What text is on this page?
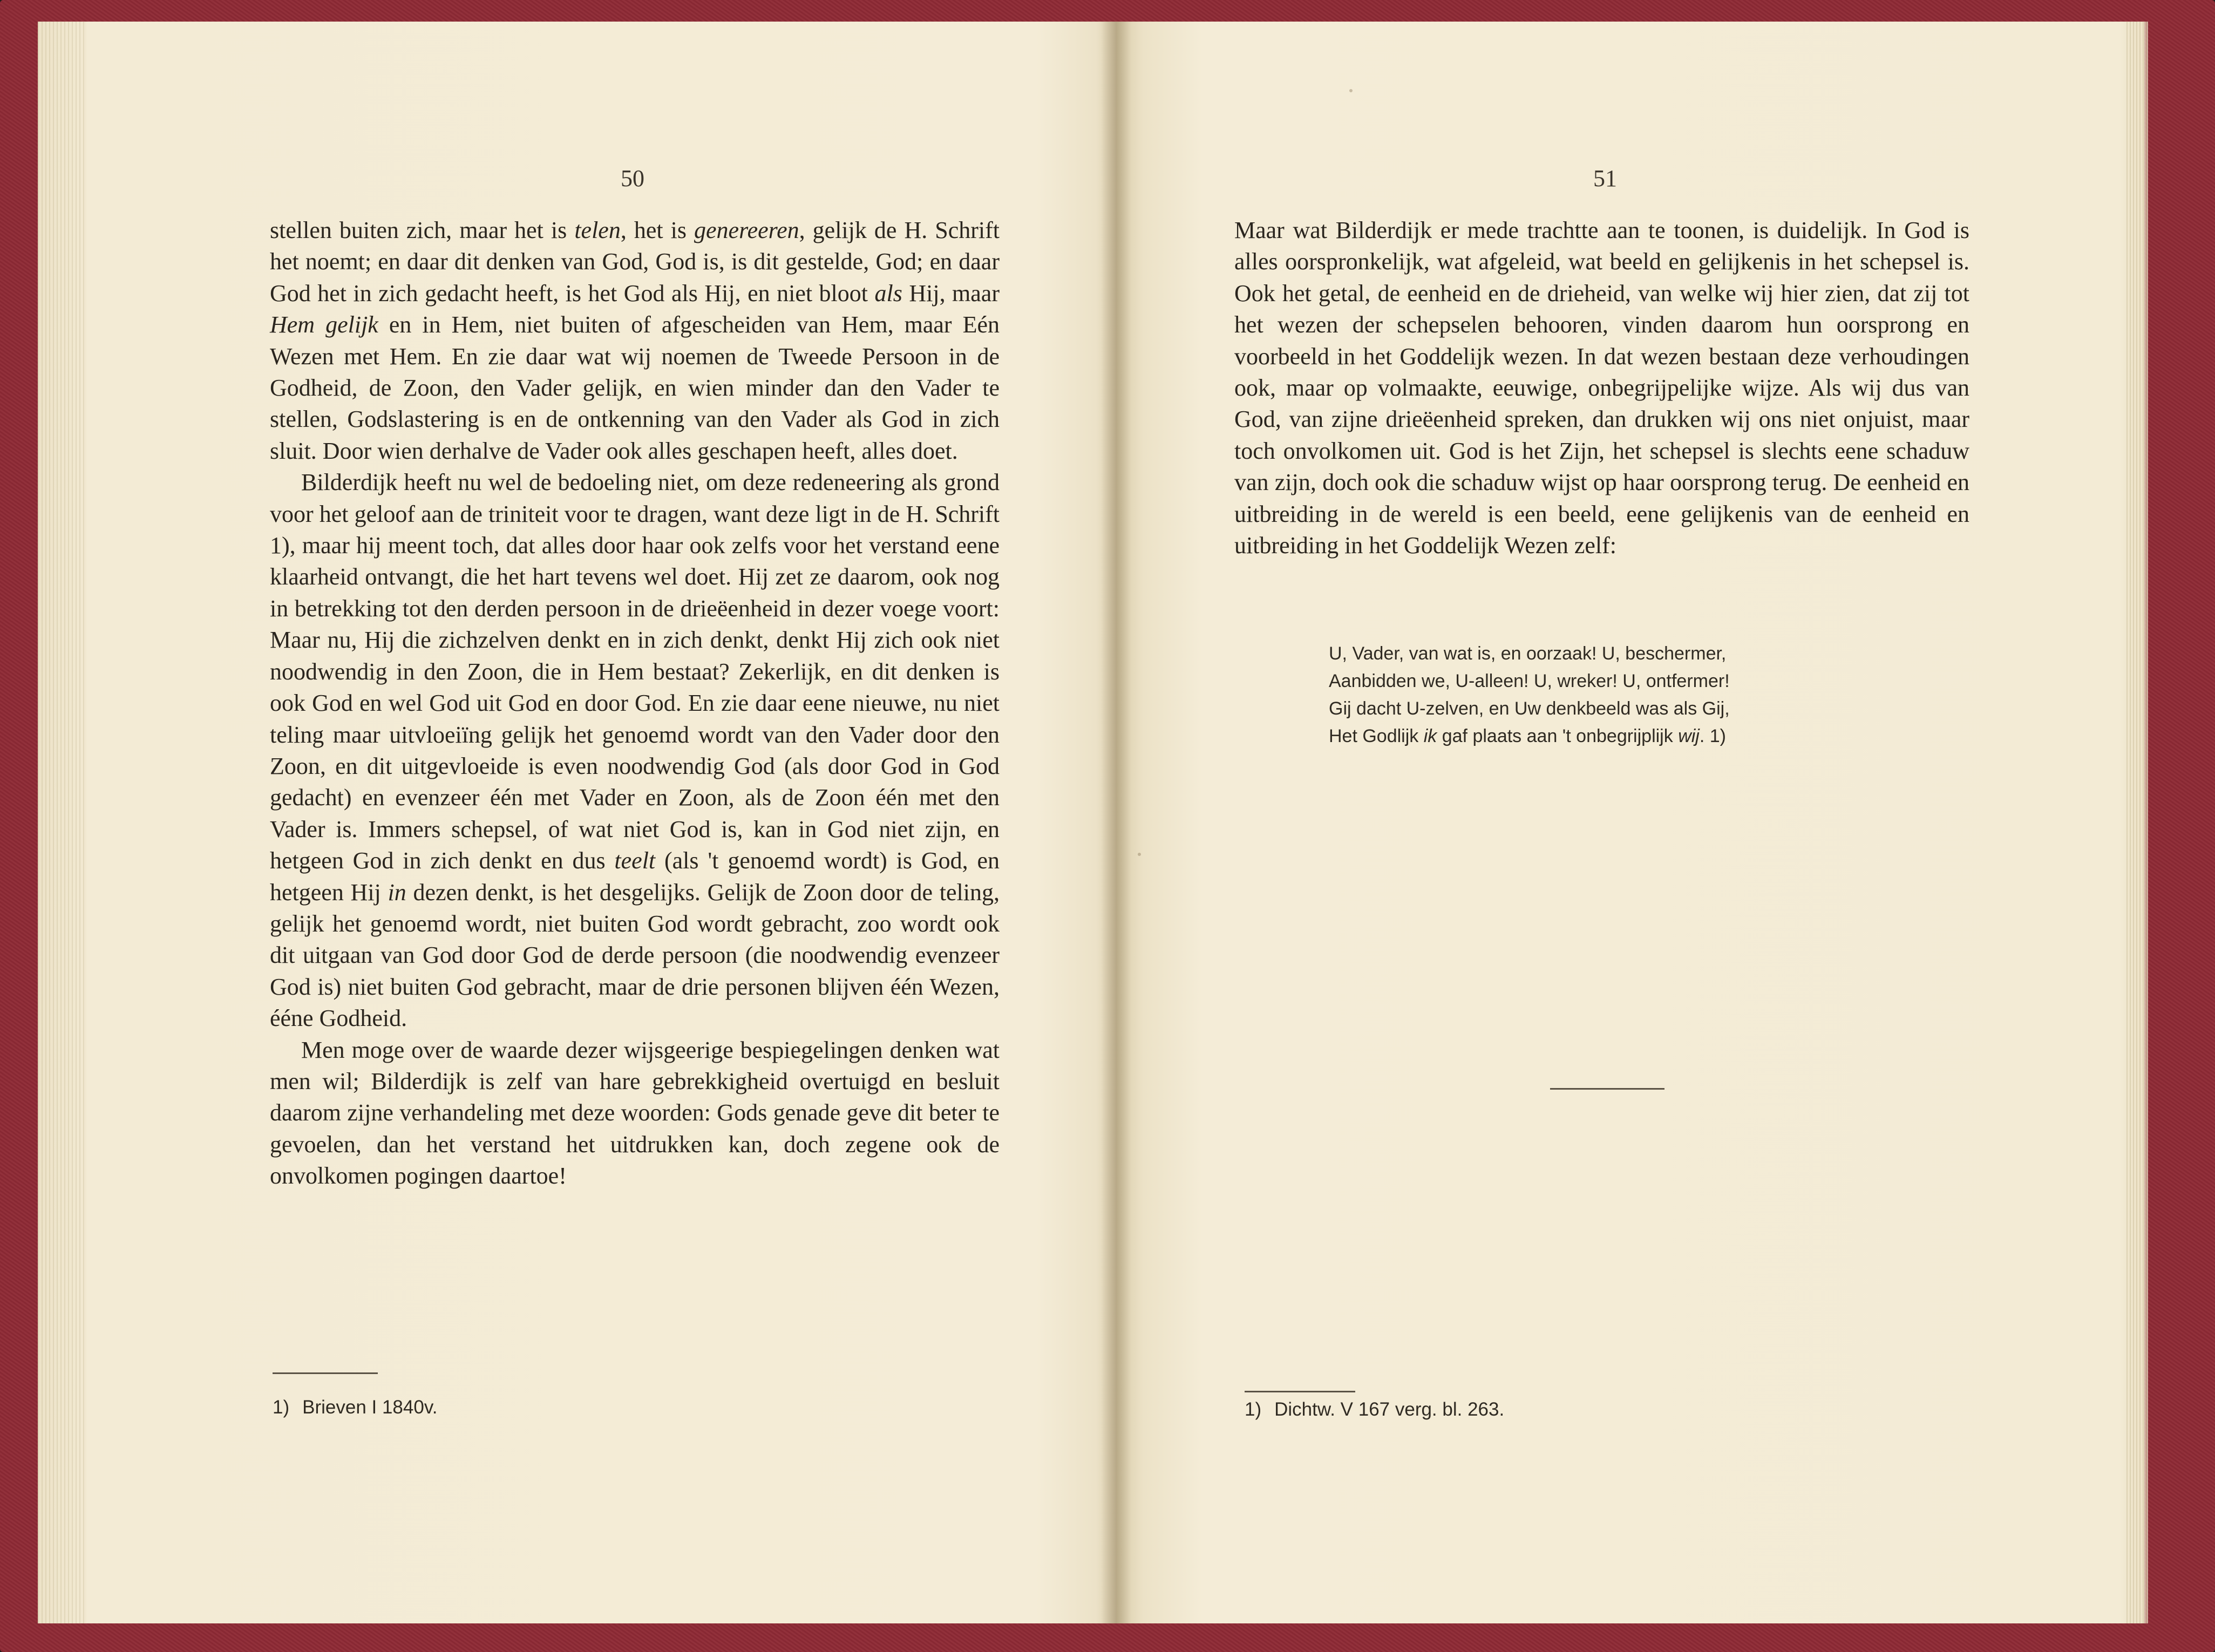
50

stellen buiten zich, maar het is telen, het is genereeren, gelijk de H. Schrift het noemt; en daar dit denken van God, God is, is dit gestelde, God; en daar God het in zich gedacht heeft, is het God als Hij, en niet bloot als Hij, maar Hem gelijk en in Hem, niet buiten of afgescheiden van Hem, maar Eén Wezen met Hem. En zie daar wat wij noemen de Tweede Persoon in de Godheid, de Zoon, den Vader gelijk, en wien minder dan den Vader te stellen, Godslastering is en de ontkenning van den Vader als God in zich sluit. Door wien derhalve de Vader ook alles geschapen heeft, alles doet.

Bilderdijk heeft nu wel de bedoeling niet, om deze redeneering als grond voor het geloof aan de triniteit voor te dragen, want deze ligt in de H. Schrift 1), maar hij meent toch, dat alles door haar ook zelfs voor het verstand eene klaarheid ontvangt, die het hart tevens wel doet. Hij zet ze daarom, ook nog in betrekking tot den derden persoon in de drieëenheid in dezer voege voort: Maar nu, Hij die zichzelven denkt en in zich denkt, denkt Hij zich ook niet noodwendig in den Zoon, die in Hem bestaat? Zekerlijk, en dit denken is ook God en wel God uit God en door God. En zie daar eene nieuwe, nu niet teling maar uitvloeiïng gelijk het genoemd wordt van den Vader door den Zoon, en dit uitgevloeide is even noodwendig God (als door God in God gedacht) en evenzeer één met Vader en Zoon, als de Zoon één met den Vader is. Immers schepsel, of wat niet God is, kan in God niet zijn, en hetgeen God in zich denkt en dus teelt (als 't genoemd wordt) is God, en hetgeen Hij in dezen denkt, is het desgelijks. Gelijk de Zoon door de teling, gelijk het genoemd wordt, niet buiten God wordt gebracht, zoo wordt ook dit uitgaan van God door God de derde persoon (die noodwendig evenzeer God is) niet buiten God gebracht, maar de drie personen blijven één Wezen, ééne Godheid.

Men moge over de waarde dezer wijsgeerige bespiegelingen denken wat men wil; Bilderdijk is zelf van hare gebrekkigheid overtuigd en besluit daarom zijne verhandeling met deze woorden: Gods genade geve dit beter te gevoelen, dan het verstand het uitdrukken kan, doch zegene ook de onvolkomen pogingen daartoe!

1) Brieven I 1840v.
51

Maar wat Bilderdijk er mede trachtte aan te toonen, is duidelijk. In God is alles oorspronkelijk, wat afgeleid, wat beeld en gelijkenis in het schepsel is. Ook het getal, de eenheid en de drieheid, van welke wij hier zien, dat zij tot het wezen der schepselen behooren, vinden daarom hun oorsprong en voorbeeld in het Goddelijk wezen. In dat wezen bestaan deze verhoudingen ook, maar op volmaakte, eeuwige, onbegrijpelijke wijze. Als wij dus van God, van zijne drieëenheid spreken, dan drukken wij ons niet onjuist, maar toch onvolkomen uit. God is het Zijn, het schepsel is slechts eene schaduw van zijn, doch ook die schaduw wijst op haar oorsprong terug. De eenheid en uitbreiding in de wereld is een beeld, eene gelijkenis van de eenheid en uitbreiding in het Goddelijk Wezen zelf:

U, Vader, van wat is, en oorzaak! U, beschermer,
Aanbidden we, U-alleen! U, wreker! U, ontfermer!
Gij dacht U-zelven, en Uw denkbeeld was als Gij,
Het Godlijk ik gaf plaats aan 't onbegrijplijk wij. 1)
1) Dichtw. V 167 verg. bl. 263.
